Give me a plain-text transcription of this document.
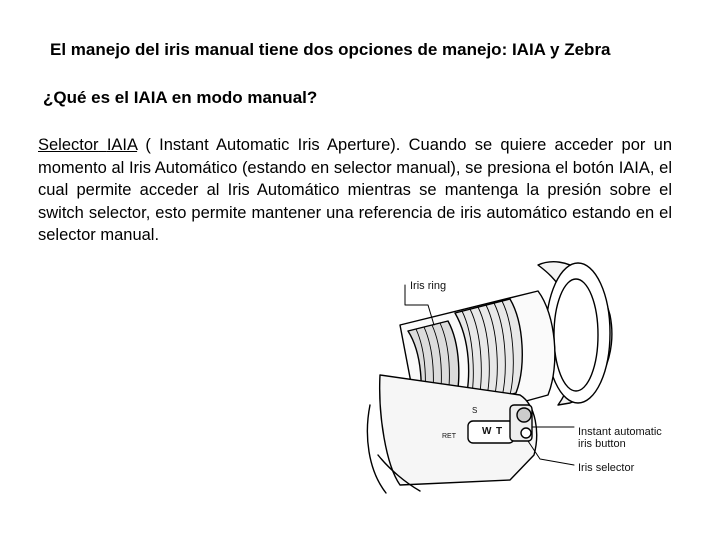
El manejo del iris manual tiene dos opciones de manejo: IAIA y Zebra
¿Qué es el IAIA en modo manual?
Selector IAIA ( Instant Automatic Iris Aperture). Cuando se quiere acceder por un momento al Iris Automático (estando en selector manual), se presiona el botón IAIA, el cual permite acceder al Iris Automático mientras se mantenga la presión sobre el switch selector, esto permite mantener una referencia de iris automático estando en el selector manual.
Iris ring
Instant automatic
iris button
Iris selector
W T
RET
S
